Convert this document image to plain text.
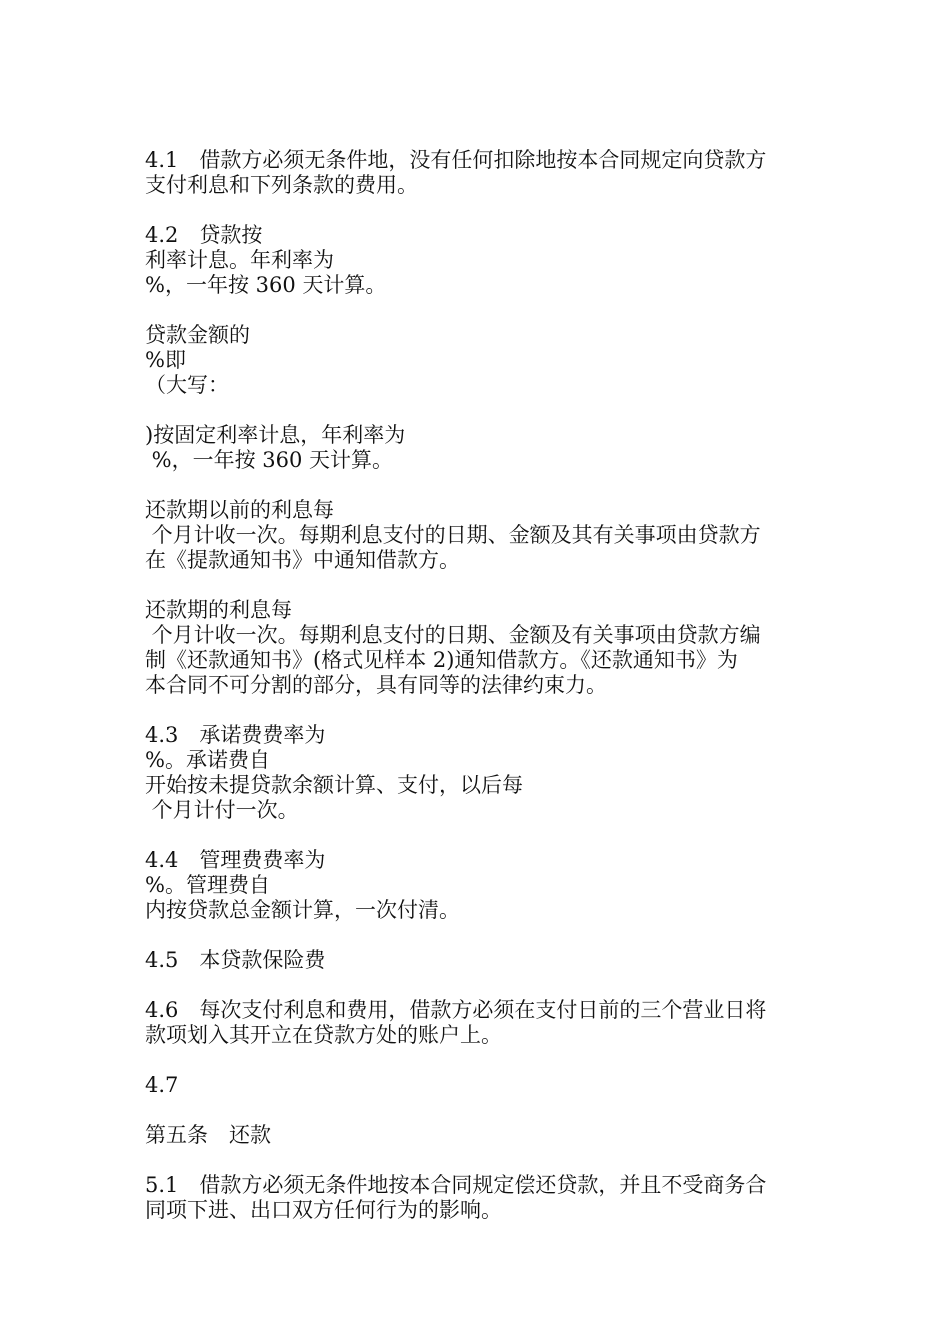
4.1　借款方必须无条件地，没有任何扣除地按本合同规定向贷款方

支付利息和下列条款的费用。

4.2　贷款按

利率计息。年利率为

%，一年按 360 天计算。

贷款金额的

%即

（大写：

)按固定利率计息，年利率为

%，一年按 360 天计算。

还款期以前的利息每

个月计收一次。每期利息支付的日期、金额及其有关事项由贷款方

在《提款通知书》中通知借款方。

还款期的利息每

个月计收一次。每期利息支付的日期、金额及有关事项由贷款方编

制《还款通知书》(格式见样本 2)通知借款方。《还款通知书》为

本合同不可分割的部分，具有同等的法律约束力。

4.3　承诺费费率为

%。承诺费自

开始按未提贷款余额计算、支付，以后每

个月计付一次。

4.4　管理费费率为

%。管理费自

内按贷款总金额计算，一次付清。

4.5　本贷款保险费

4.6　每次支付利息和费用，借款方必须在支付日前的三个营业日将

款项划入其开立在贷款方处的账户上。

4.7

第五条　还款

5.1　借款方必须无条件地按本合同规定偿还贷款，并且不受商务合

同项下进、出口双方任何行为的影响。
